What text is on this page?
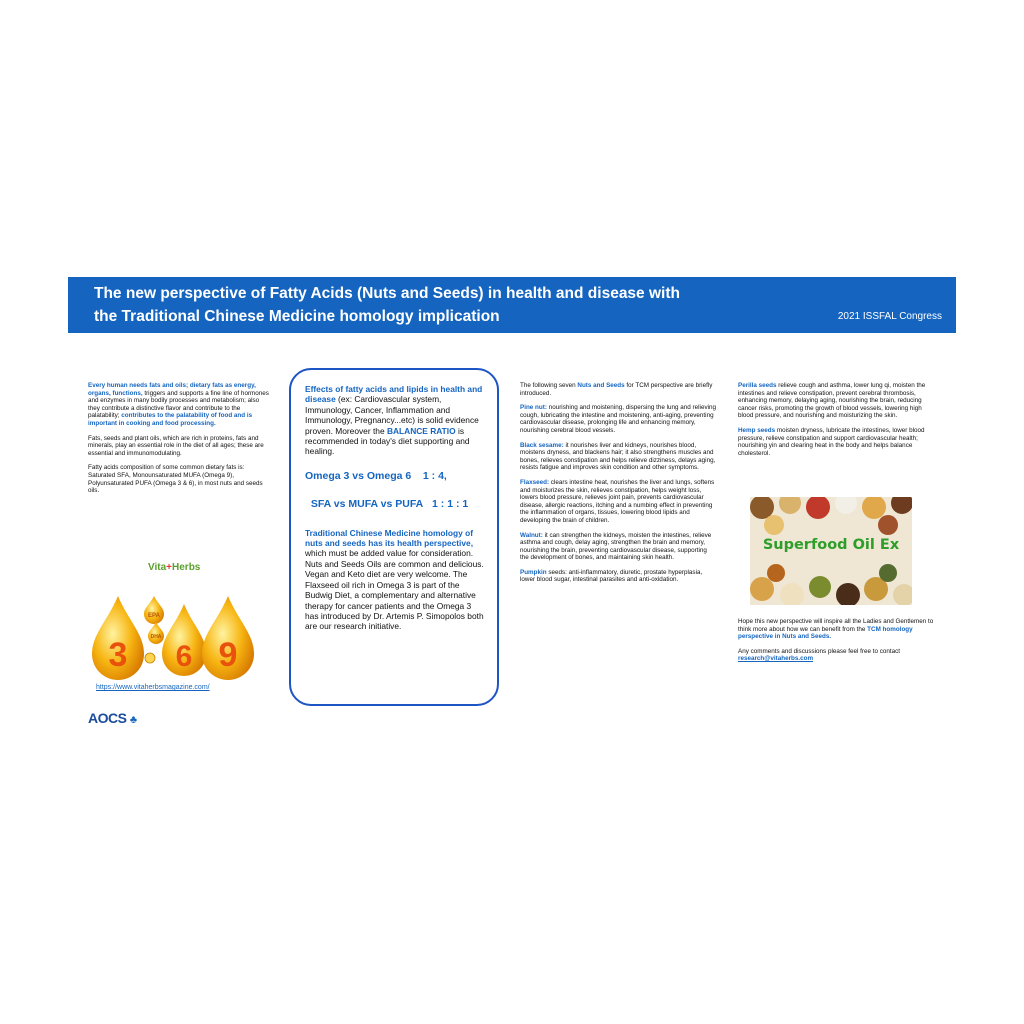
The new perspective of Fatty Acids (Nuts and Seeds) in health and disease with
the Traditional Chinese Medicine homology implication	2021 ISSFAL Congress

Every human needs fats and oils; dietary fats as energy, organs, functions, triggers and supports a fine line of hormones and enzymes in many bodily processes and metabolism; also they contribute a distinctive flavor and contribute to the palatability; contributes to the palatability of food and is important in cooking and food processing.

Fats, seeds and plant oils, which are rich in proteins, fats and minerals, play an essential role in the diet of all ages; these are essential and immunomodulating.

Fatty acids composition of some common dietary fats is: Saturated SFA, Monounsaturated MUFA (Omega 9), Polyunsaturated PUFA (Omega 3 & 6), in most nuts and seeds oils.

Vita+Herbs
3 6 9
EPA
DHA
https://www.vitaherbsmagazine.com/
AOCS ♣

Effects of fatty acids and lipids in health and disease (ex: Cardiovascular system, Immunology, Cancer, Inflammation and Immunology, Pregnancy...etc) is solid evidence proven. Moreover the BALANCE RATIO is recommended in today's diet supporting and healing.

Omega 3 vs Omega 6 1 : 4,
SFA vs MUFA vs PUFA 1 : 1 : 1

Traditional Chinese Medicine homology of nuts and seeds has its health perspective, which must be added value for consideration. Nuts and Seeds Oils are common and delicious. Vegan and Keto diet are very welcome. The Flaxseed oil rich in Omega 3 is part of the Budwig Diet, a complementary and alternative therapy for cancer patients and the Omega 3 has introduced by Dr. Artemis P. Simopolos both are our research initiative.

The following seven Nuts and Seeds for TCM perspective are briefly introduced.

Pine nut: nourishing and moistening, dispersing the lung and relieving cough, lubricating the intestine and moistening, anti-aging, preventing cardiovascular disease, prolonging life and enhancing memory, nourishing cerebral blood vessels.

Black sesame: it nourishes liver and kidneys, nourishes blood, moistens dryness, and blackens hair; it also strengthens muscles and bones, relieves constipation and helps relieve dizziness, delays aging, resists fatigue and improves skin condition and other symptoms.

Flaxseed: clears intestine heat, nourishes the liver and lungs, softens and moisturizes the skin, relieves constipation, helps weight loss, lowers blood pressure, relieves joint pain, prevents cardiovascular disease, allergic reactions, itching and a numbing effect in preventing the inflammation of organs, tissues, lowering blood lipids and developing the brain of children.

Walnut: it can strengthen the kidneys, moisten the intestines, relieve asthma and cough, delay aging, strengthen the brain and memory, nourishing the brain, preventing cardiovascular disease, supporting the development of bones, and maintaining skin health.

Pumpkin seeds: anti-inflammatory, diuretic, prostate hyperplasia, lower blood sugar, intestinal parasites and anti-oxidation.

Perilla seeds relieve cough and asthma, lower lung qi, moisten the intestines and relieve constipation, prevent cerebral thrombosis, enhancing memory, delaying aging, nourishing the brain, reducing cancer risks, promoting the growth of blood vessels, lowering high blood pressure, and nourishing and moisturizing the skin.

Hemp seeds moisten dryness, lubricate the intestines, lower blood pressure, relieve constipation and support cardiovascular health; nourishing yin and clearing heat in the body and helps balance cholesterol.

Superfood Oil Ex

Hope this new perspective will inspire all the Ladies and Gentlemen to think more about how we can benefit from the TCM homology perspective in Nuts and Seeds.

Any comments and discussions please feel free to contact research@vitaherbs.com
